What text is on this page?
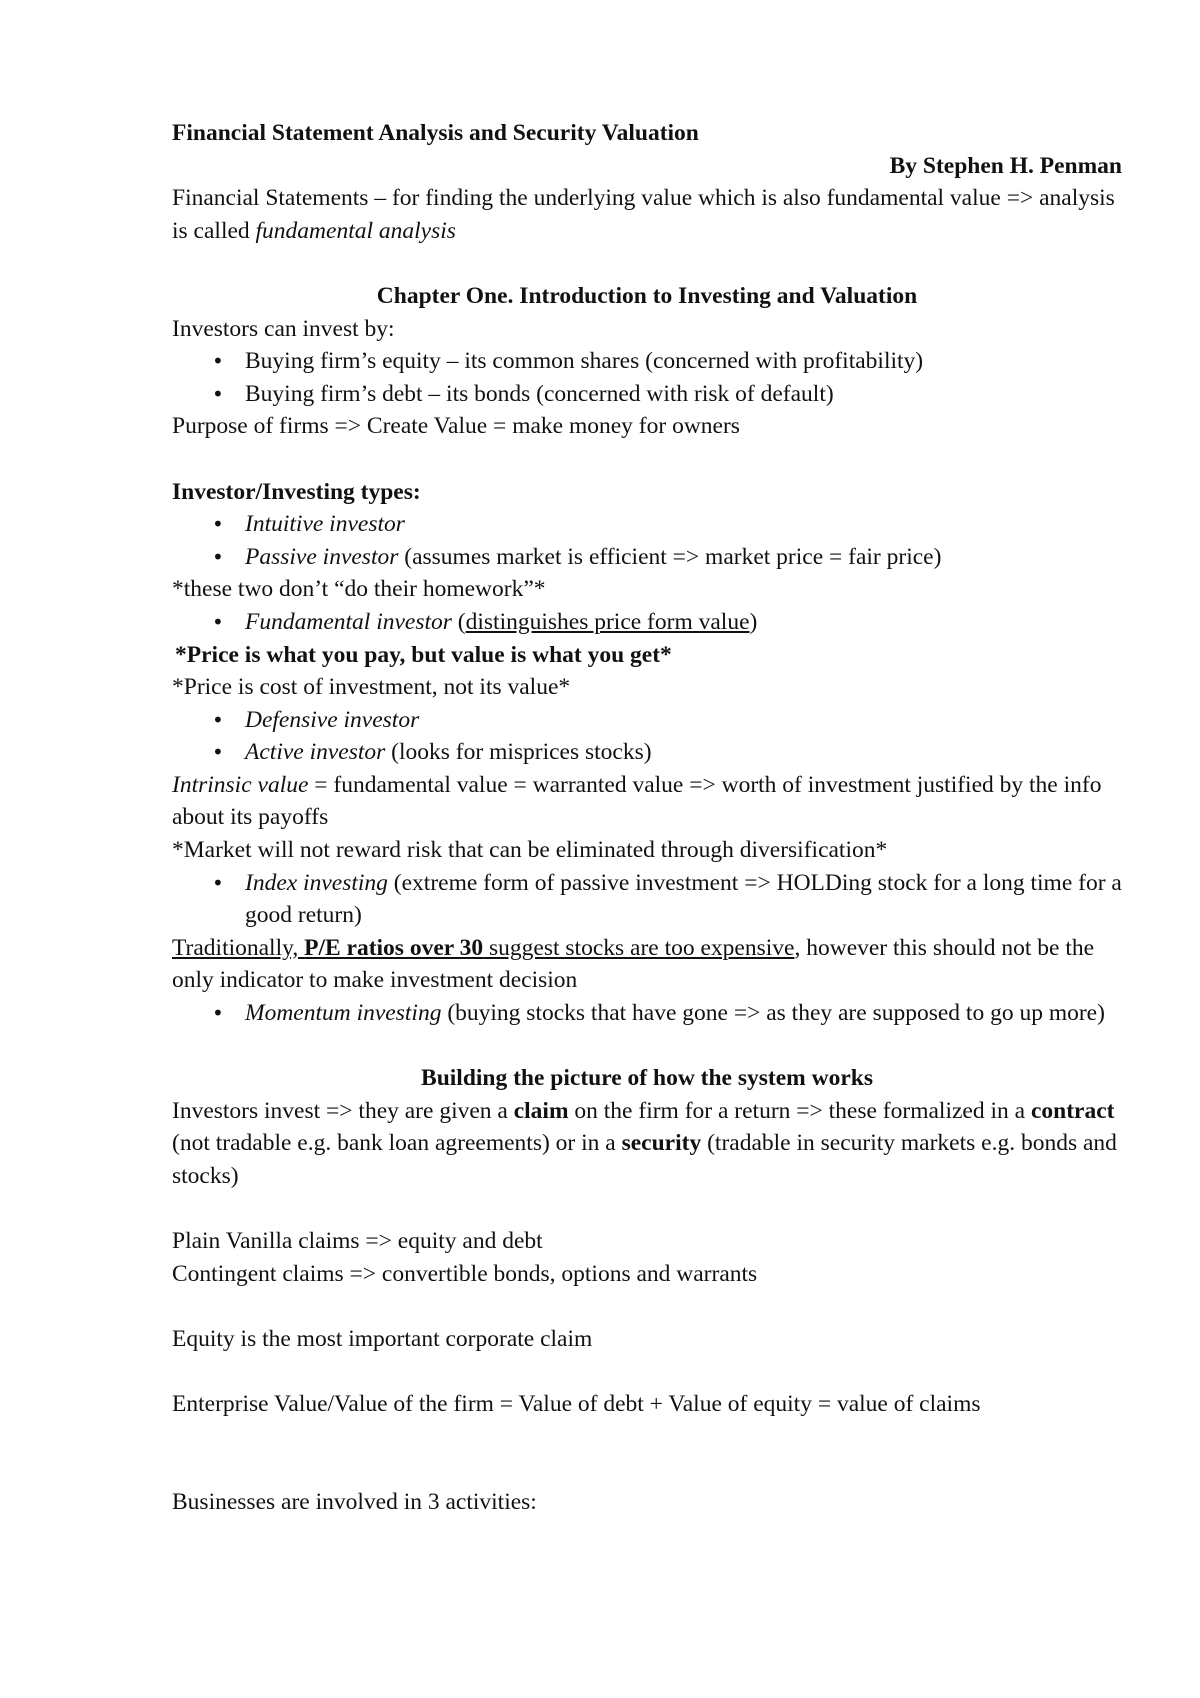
Financial Statement Analysis and Security Valuation

By Stephen H. Penman

Financial Statements – for finding the underlying value which is also fundamental value => analysis is called fundamental analysis

Chapter One. Introduction to Investing and Valuation

Investors can invest by:

• Buying firm’s equity – its common shares (concerned with profitability)
• Buying firm’s debt – its bonds (concerned with risk of default)

Purpose of firms => Create Value = make money for owners

Investor/Investing types:

• Intuitive investor
• Passive investor (assumes market is efficient => market price = fair price)

*these two don’t “do their homework”*

• Fundamental investor (distinguishes price form value)

*Price is what you pay, but value is what you get*

*Price is cost of investment, not its value*

• Defensive investor
• Active investor (looks for misprices stocks)

Intrinsic value = fundamental value = warranted value => worth of investment justified by the info about its payoffs

*Market will not reward risk that can be eliminated through diversification*

• Index investing (extreme form of passive investment => HOLDing stock for a long time for a good return)

Traditionally, P/E ratios over 30 suggest stocks are too expensive, however this should not be the only indicator to make investment decision

• Momentum investing (buying stocks that have gone => as they are supposed to go up more)

Building the picture of how the system works

Investors invest => they are given a claim on the firm for a return => these formalized in a contract (not tradable e.g. bank loan agreements) or in a security (tradable in security markets e.g. bonds and stocks)

Plain Vanilla claims => equity and debt

Contingent claims => convertible bonds, options and warrants

Equity is the most important corporate claim

Enterprise Value/Value of the firm = Value of debt + Value of equity = value of claims

Businesses are involved in 3 activities:
